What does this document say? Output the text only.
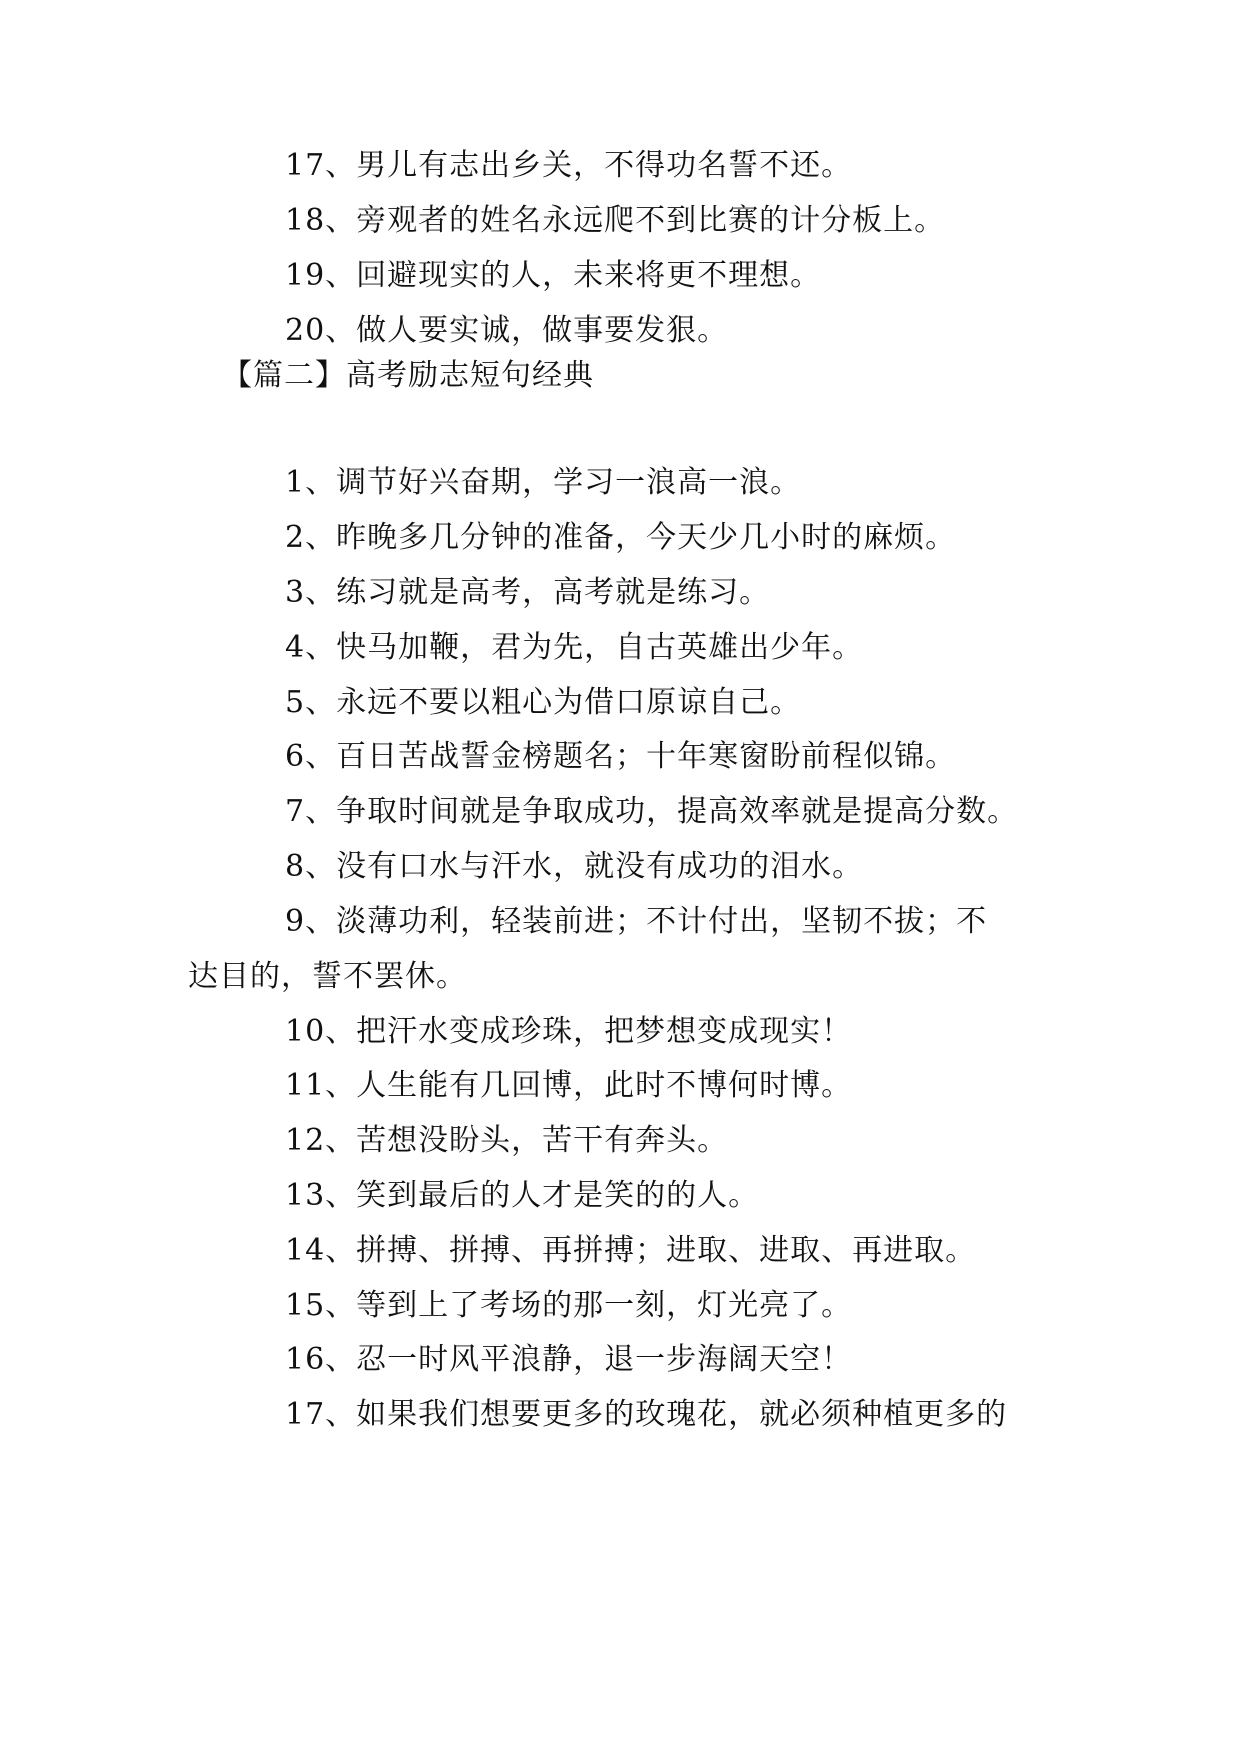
17、男儿有志出乡关，不得功名誓不还。
18、旁观者的姓名永远爬不到比赛的计分板上。
19、回避现实的人，未来将更不理想。
20、做人要实诚，做事要发狠。
【篇二】高考励志短句经典
1、调节好兴奋期，学习一浪高一浪。
2、昨晚多几分钟的准备，今天少几小时的麻烦。
3、练习就是高考，高考就是练习。
4、快马加鞭，君为先，自古英雄出少年。
5、永远不要以粗心为借口原谅自己。
6、百日苦战誓金榜题名；十年寒窗盼前程似锦。
7、争取时间就是争取成功，提高效率就是提高分数。
8、没有口水与汗水，就没有成功的泪水。
9、淡薄功利，轻装前进；不计付出，坚韧不拔；不
达目的，誓不罢休。
10、把汗水变成珍珠，把梦想变成现实！
11、人生能有几回博，此时不博何时博。
12、苦想没盼头，苦干有奔头。
13、笑到最后的人才是笑的的人。
14、拼搏、拼搏、再拼搏；进取、进取、再进取。
15、等到上了考场的那一刻，灯光亮了。
16、忍一时风平浪静，退一步海阔天空！
17、如果我们想要更多的玫瑰花，就必须种植更多的
